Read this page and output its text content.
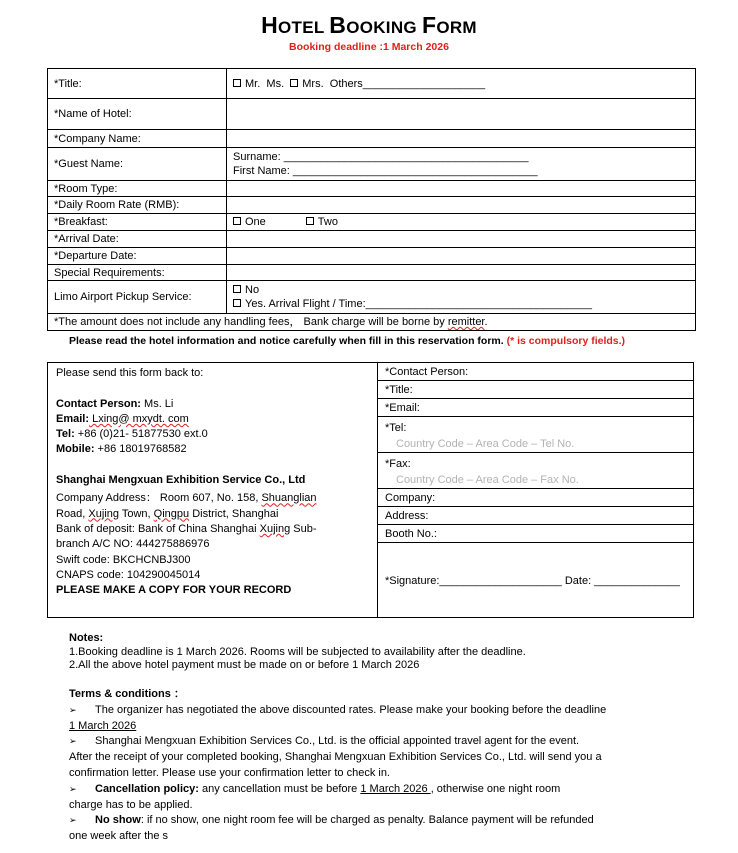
HOTEL BOOKING FORM
Booking deadline :1 March 2026
*Title:	Mr. Ms. Mrs. Others____________________
*Name of Hotel:	
*Company Name:	
*Guest Name:	Surname: ________________________________________
First Name: ________________________________________

*Room Type:	
*Daily Room Rate (RMB):	
*Breakfast:	One Two
*Arrival Date:	
*Departure Date:	
Special Requirements:	
Limo Airport Pickup Service:	No
Yes. Arrival Flight / Time:_____________________________________

*The amount does not include any handling fees， Bank charge will be borne by remitter.	
Please read the hotel information and notice carefully when fill in this reservation form. (* is compulsory fields.)
Please send this form back to:

Contact Person: Ms. Li
Email: Lxing@ mxydt. com
Tel: +86 (0)21- 51877530 ext.0
Mobile: +86 18019768582

Shanghai Mengxuan Exhibition Service Co., Ltd
Company Address： Room 607, No. 158, Shuanglian
Road, Xujing Town, Qingpu District, Shanghai
Bank of deposit: Bank of China Shanghai Xujing Sub-
branch A/C NO: 444275886976
Swift code: BKCHCNBJ300
CNAPS code: 104290045014
PLEASE MAKE A COPY FOR YOUR RECORD
*Contact Person:
*Title:
*Email:
*Tel:
Country Code – Area Code – Tel No.
*Fax:
Country Code – Area Code – Fax No.
Company:
Address:
Booth No.:
*Signature:____________________ Date: ______________
Notes:
1.Booking deadline is 1 March 2026. Rooms will be subjected to availability after the deadline.
2.All the above hotel payment must be made on or before 1 March 2026
Terms & conditions ：
➢ The organizer has negotiated the above discounted rates. Please make your booking before the deadline
1 March 2026
➢ Shanghai Mengxuan Exhibition Services Co., Ltd. is the official appointed travel agent for the event.
After the receipt of your completed booking, Shanghai Mengxuan Exhibition Services Co., Ltd. will send you a
confirmation letter. Please use your confirmation letter to check in.
➢ Cancellation policy: any cancellation must be before 1 March 2026 , otherwise one night room
charge has to be applied.
➢ No show: if no show, one night room fee will be charged as penalty. Balance payment will be refunded
one week after the s
